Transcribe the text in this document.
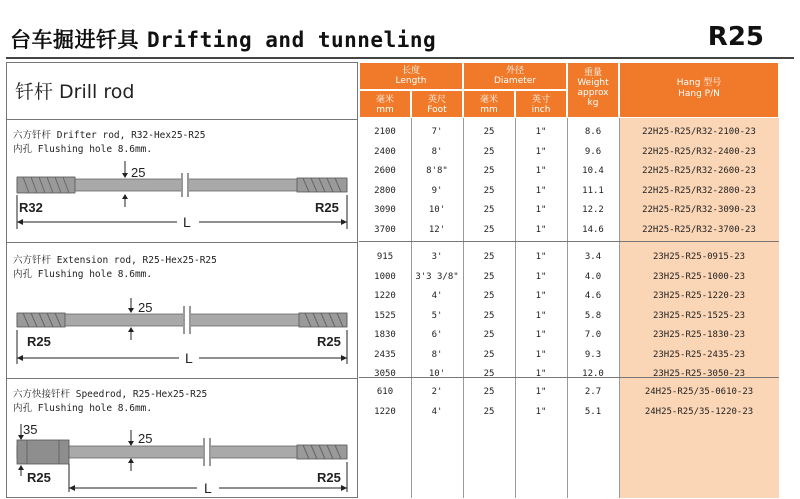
台车掘进钎具 Drifting and tunneling	R25
钎杆 Drill rod
六方钎杆 Drifter rod, R32-Hex25-R25
内孔 Flushing hole 8.6mm.
25
R32	R25
L
六方钎杆 Extension rod, R25-Hex25-R25
内孔 Flushing hole 8.6mm.
25
R25	R25
L
六方快接钎杆 Speedrod, R25-Hex25-R25
内孔 Flushing hole 8.6mm.
35
25
R25	R25
L
长度
Length
外径
Diameter
重量
Weight
approx
kg
Hang 型号
Hang P/N
毫米
mm
英尺
Foot
毫米
mm
英寸
inch
2100	7'	25	1"	8.6	22H25-R25/R32-2100-23
2400	8'	25	1"	9.6	22H25-R25/R32-2400-23
2600	8'8"	25	1"	10.4	22H25-R25/R32-2600-23
2800	9'	25	1"	11.1	22H25-R25/R32-2800-23
3090	10'	25	1"	12.2	22H25-R25/R32-3090-23
3700	12'	25	1"	14.6	22H25-R25/R32-3700-23
915	3'	25	1"	3.4	23H25-R25-0915-23
1000	3'3 3/8"	25	1"	4.0	23H25-R25-1000-23
1220	4'	25	1"	4.6	23H25-R25-1220-23
1525	5'	25	1"	5.8	23H25-R25-1525-23
1830	6'	25	1"	7.0	23H25-R25-1830-23
2435	8'	25	1"	9.3	23H25-R25-2435-23
3050	10'	25	1"	12.0	23H25-R25-3050-23
610	2'	25	1"	2.7	24H25-R25/35-0610-23
1220	4'	25	1"	5.1	24H25-R25/35-1220-23
